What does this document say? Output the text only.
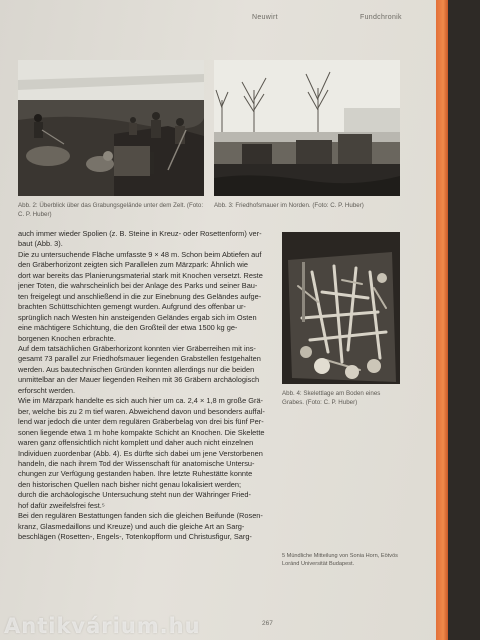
Neuwirt	Fundchronik
Abb. 2: Überblick über das Grabungsgelände unter dem Zelt. (Foto: C. P. Huber)
Abb. 3: Friedhofsmauer im Norden. (Foto: C. P. Huber)
Abb. 4: Skelettlage am Boden eines Grabes. (Foto: C. P. Huber)
auch immer wieder Spolien (z. B. Steine in Kreuz- oder Rosettenform) ver-
baut (Abb. 3).
Die zu untersuchende Fläche umfasste 9 × 48 m. Schon beim Abtiefen auf
den Gräberhorizont zeigten sich Parallelen zum Märzpark: Ähnlich wie
dort war bereits das Planierungsmaterial stark mit Knochen versetzt. Reste
jener Toten, die wahrscheinlich bei der Anlage des Parks und seiner Bau-
ten freigelegt und anschließend in die zur Einebnung des Geländes aufge-
brachten Schüttschichten gemengt wurden. Aufgrund des offenbar ur-
sprünglich nach Westen hin ansteigenden Geländes ergab sich im Osten
eine mächtigere Schichtung, die den Großteil der etwa 1500 kg ge-
borgenen Knochen erbrachte.
Auf dem tatsächlichen Gräberhorizont konnten vier Gräberreihen mit ins-
gesamt 73 parallel zur Friedhofsmauer liegenden Grabstellen festgehalten
werden. Aus bautechnischen Gründen konnten allerdings nur die beiden
unmittelbar an der Mauer liegenden Reihen mit 36 Gräbern archäologisch
erforscht werden.
Wie im Märzpark handelte es sich auch hier um ca. 2,4 × 1,8 m große Grä-
ber, welche bis zu 2 m tief waren. Abweichend davon und besonders auffal-
lend war jedoch die unter dem regulären Gräberbelag von drei bis fünf Per-
sonen liegende etwa 1 m hohe kompakte Schicht an Knochen. Die Skelette
waren ganz offensichtlich nicht komplett und daher auch nicht einzelnen
Individuen zuordenbar (Abb. 4). Es dürfte sich dabei um jene Verstorbenen
handeln, die nach ihrem Tod der Wissenschaft für anatomische Untersu-
chungen zur Verfügung gestanden haben. Ihre letzte Ruhestätte konnte
den historischen Quellen nach bisher nicht genau lokalisiert werden;
durch die archäologische Untersuchung steht nun der Währinger Fried-
hof dafür zweifelsfrei fest.⁵
Bei den regulären Bestattungen fanden sich die gleichen Beifunde (Rosen-
kranz, Glasmedaillons und Kreuze) und auch die gleiche Art an Sarg-
beschlägen (Rosetten-, Engels-, Totenkopfform und Christusfigur, Sarg-
5 Mündliche Mitteilung von Sonia Horn, Eötvös Loránd Universität Budapest.
267
Antikvárium.hu
